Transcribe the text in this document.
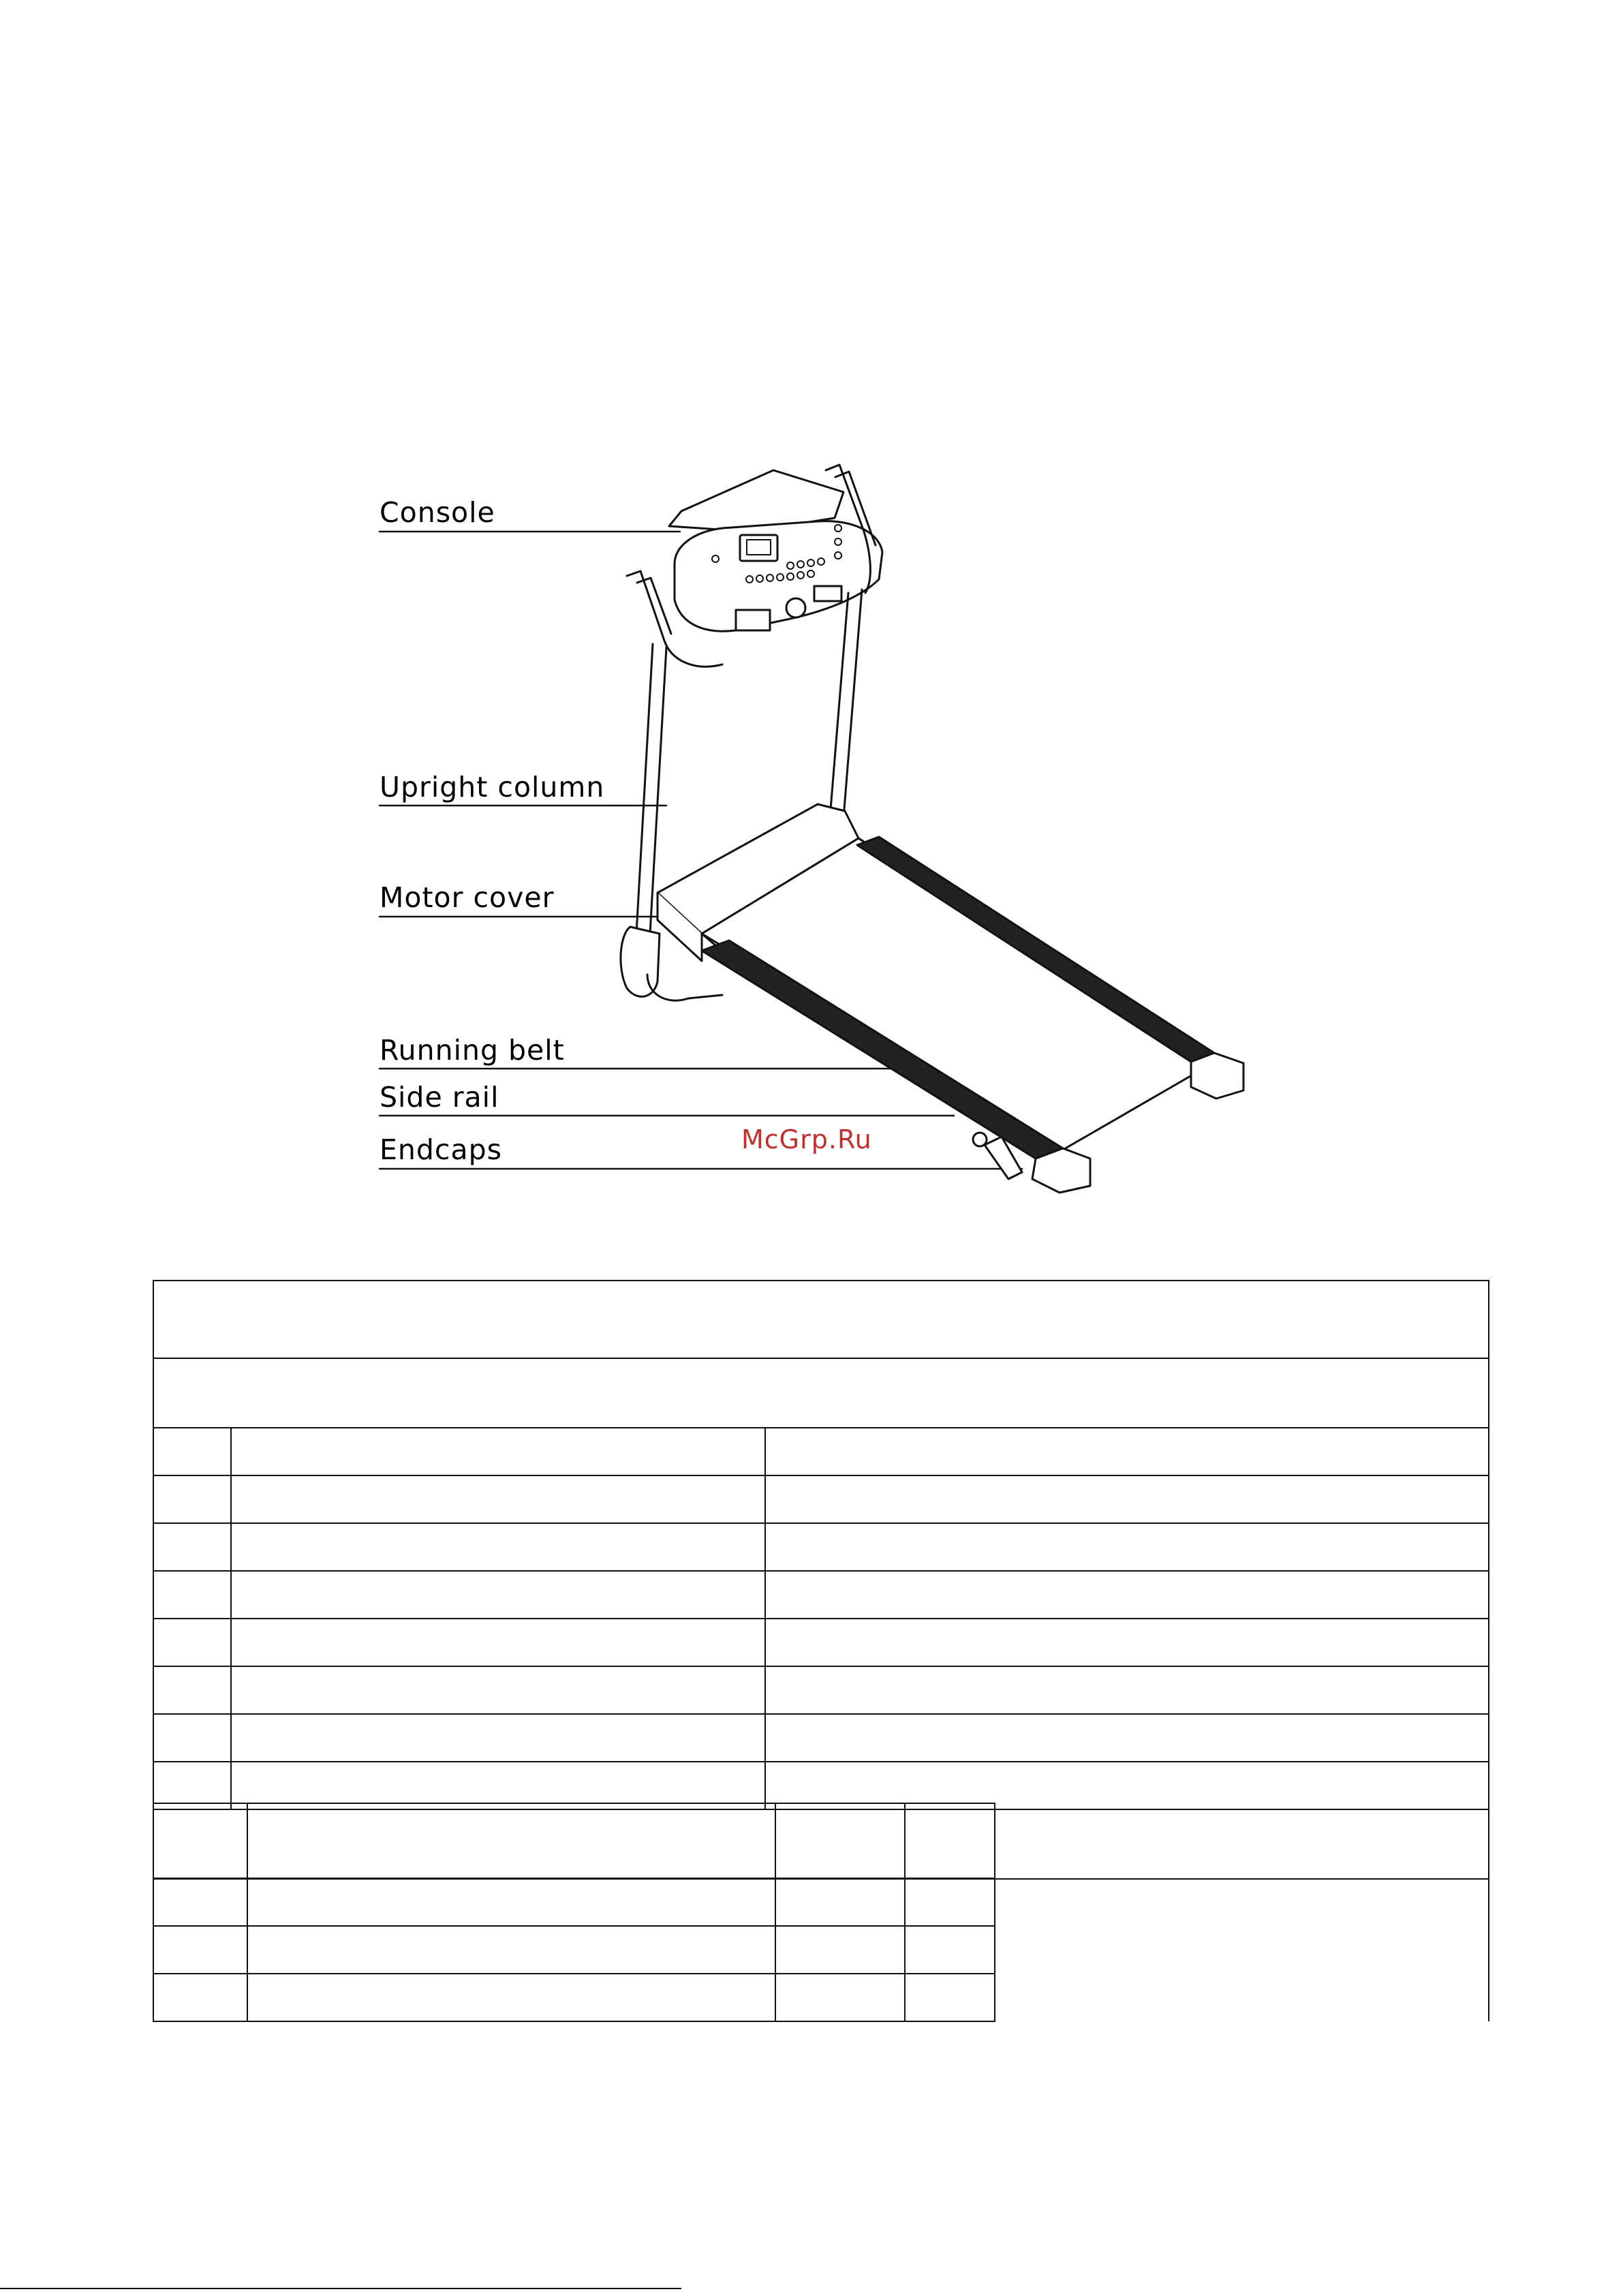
Console
Upright column
Motor cover
Running belt
Side rail
Endcaps	McGrp.Ru
